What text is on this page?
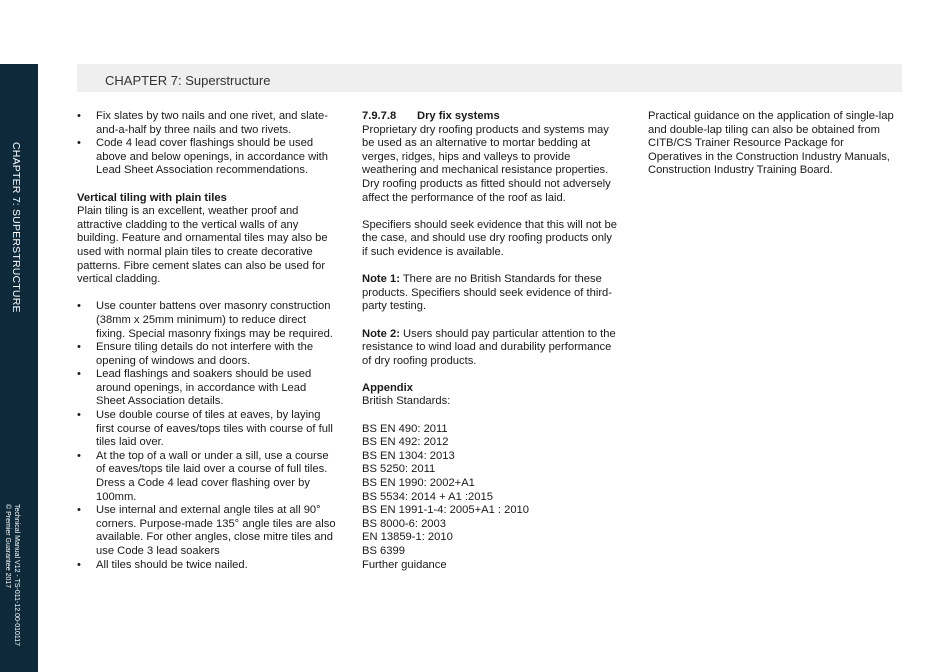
CHAPTER 7: SUPERSTRUCTURE
Technical Manual V12 - TS-011-12.00-010117
© Premier Guarantee 2017
CHAPTER 7: Superstructure
• Fix slates by two nails and one rivet, and slate-and-a-half by three nails and two rivets.
• Code 4 lead cover flashings should be used above and below openings, in accordance with Lead Sheet Association recommendations.

Vertical tiling with plain tiles

Plain tiling is an excellent, weather proof and attractive cladding to the vertical walls of any building. Feature and ornamental tiles may also be used with normal plain tiles to create decorative patterns. Fibre cement slates can also be used for vertical cladding.

• Use counter battens over masonry construction (38mm x 25mm minimum) to reduce direct fixing. Special masonry fixings may be required.
• Ensure tiling details do not interfere with the opening of windows and doors.
• Lead flashings and soakers should be used around openings, in accordance with Lead Sheet Association details.
• Use double course of tiles at eaves, by laying first course of eaves/tops tiles with course of full tiles laid over.
• At the top of a wall or under a sill, use a course of eaves/tops tile laid over a course of full tiles. Dress a Code 4 lead cover flashing over by 100mm.
• Use internal and external angle tiles at all 90° corners. Purpose-made 135° angle tiles are also available. For other angles, close mitre tiles and use Code 3 lead soakers
• All tiles should be twice nailed.

7.9.7.8 Dry fix systems

Proprietary dry roofing products and systems may be used as an alternative to mortar bedding at verges, ridges, hips and valleys to provide weathering and mechanical resistance properties. Dry roofing products as fitted should not adversely affect the performance of the roof as laid.

Specifiers should seek evidence that this will not be the case, and should use dry roofing products only if such evidence is available.

Note 1: There are no British Standards for these products. Specifiers should seek evidence of third-party testing.

Note 2: Users should pay particular attention to the resistance to wind load and durability performance of dry roofing products.

Appendix

British Standards:

BS EN 490: 2011

BS EN 492: 2012

BS EN 1304: 2013

BS 5250: 2011

BS EN 1990: 2002+A1

BS 5534: 2014 + A1 :2015

BS EN 1991-1-4: 2005+A1 : 2010

BS 8000-6: 2003

EN 13859-1: 2010

BS 6399

Further guidance

Practical guidance on the application of single-lap and double-lap tiling can also be obtained from CITB/CS Trainer Resource Package for Operatives in the Construction Industry Manuals, Construction Industry Training Board.
